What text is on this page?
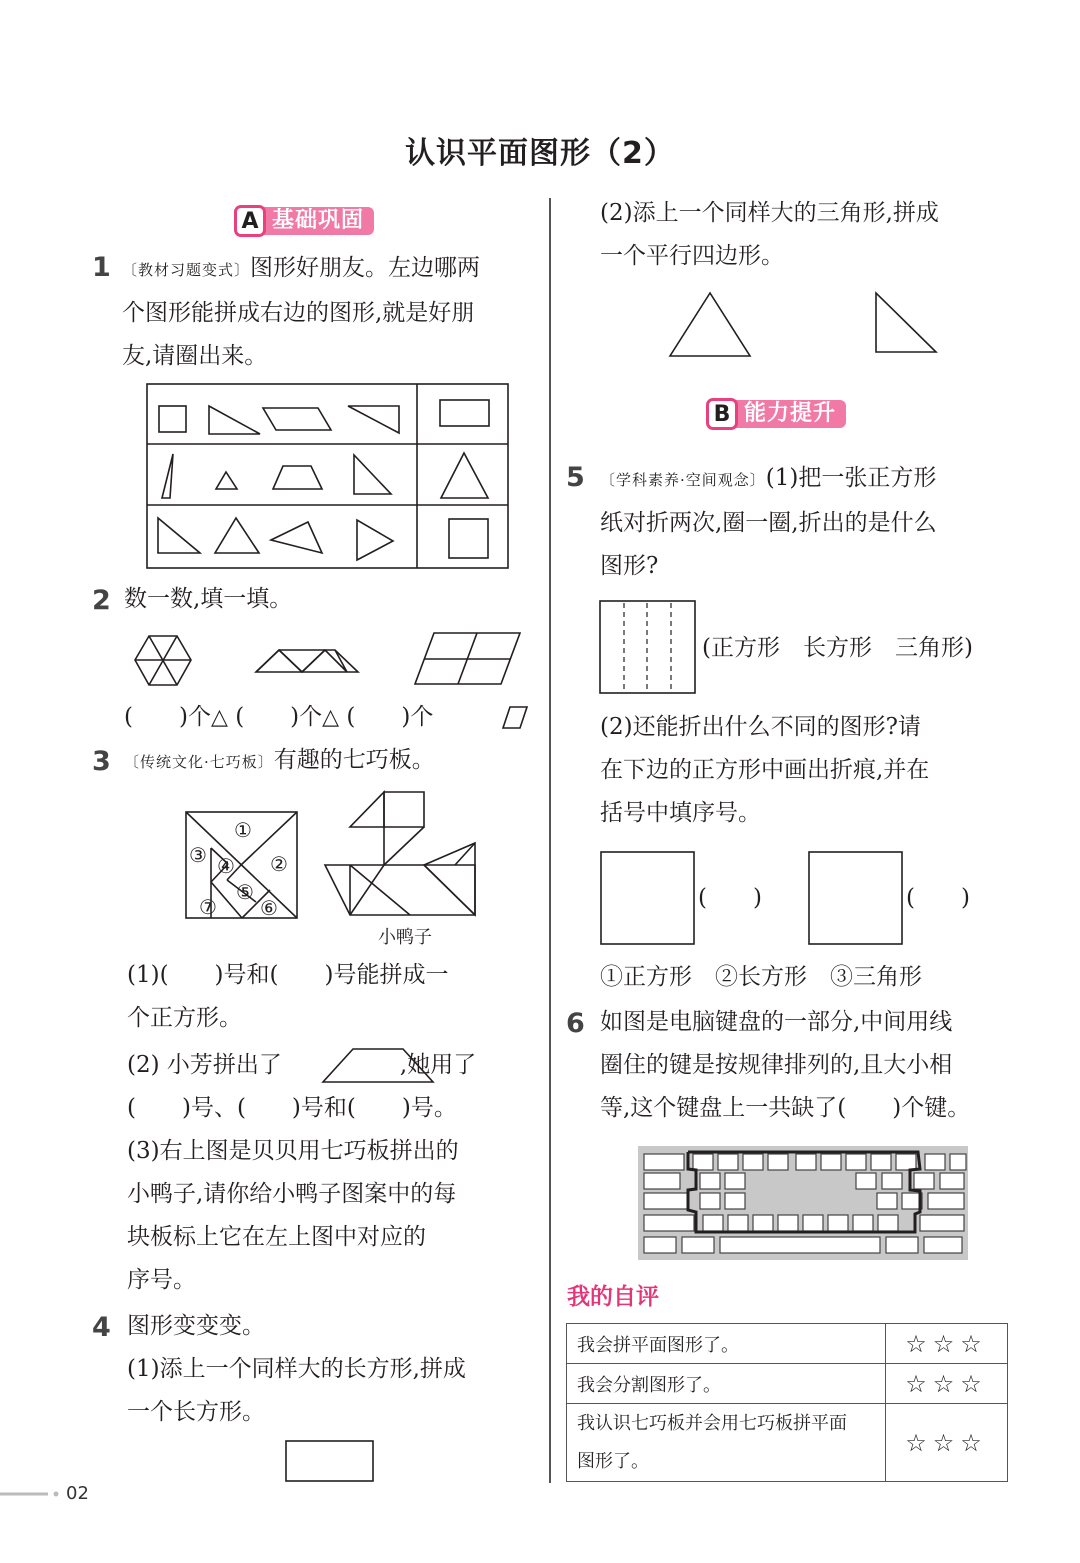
认识平面图形（2）
A 基础巩固
1 〔教材习题变式〕图形好朋友。左边哪两
个图形能拼成右边的图形,就是好朋
友,请圈出来。
2 数一数,填一填。
(　　)个△ (　　)个△ (　　)个
3 〔传统文化·七巧板〕有趣的七巧板。
①
②
③ ④
⑤
⑥
⑦
小鸭子
(1)(　　)号和(　　)号能拼成一
个正方形。
(2) 小芳拼出了	,她用了
(　　)号、(　　)号和(　　)号。
(3)右上图是贝贝用七巧板拼出的
小鸭子,请你给小鸭子图案中的每
块板标上它在左上图中对应的
序号。
4 图形变变变。
(1)添上一个同样大的长方形,拼成
一个长方形。
(2)添上一个同样大的三角形,拼成
一个平行四边形。
B 能力提升
5 〔学科素养·空间观念〕(1)把一张正方形
纸对折两次,圈一圈,折出的是什么
图形?
(正方形　长方形　三角形)
(2)还能折出什么不同的图形?请
在下边的正方形中画出折痕,并在
括号中填序号。
(　　)	(　　)
①正方形　②长方形　③三角形
6 如图是电脑键盘的一部分,中间用线
圈住的键是按规律排列的,且大小相
等,这个键盘上一共缺了(　　)个键。
我的自评
我会拼平面图形了。	☆☆☆
我会分割图形了。	☆☆☆

我认识七巧板并会用七巧板拼平面
图形了。	☆☆☆
02
